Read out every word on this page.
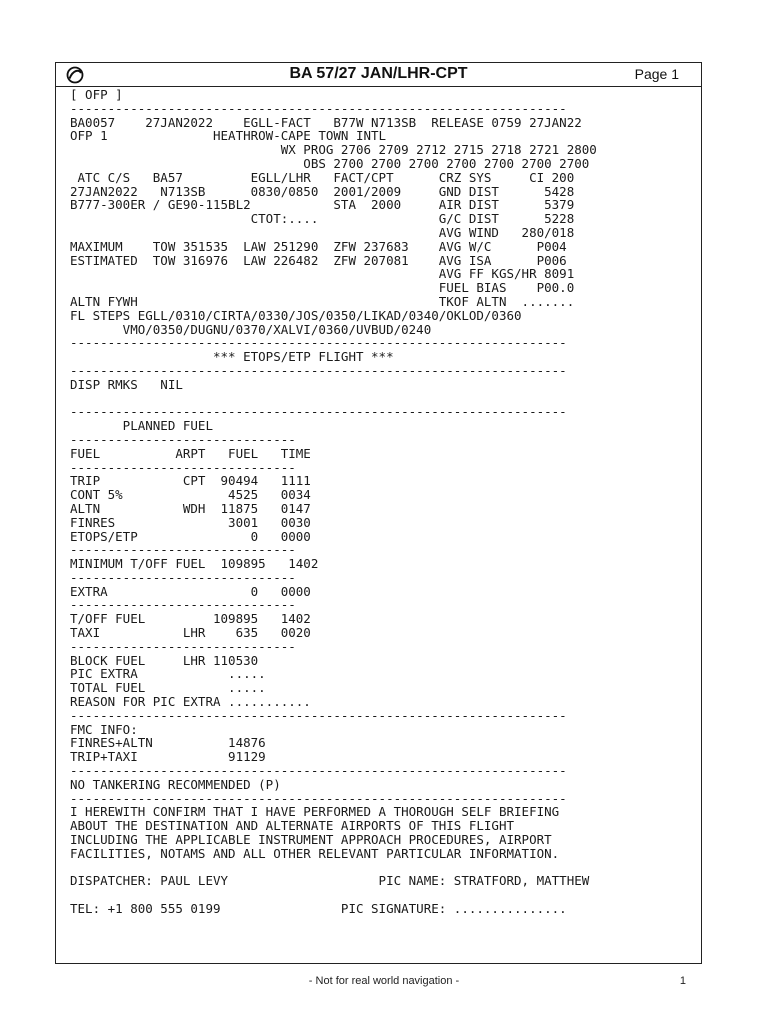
BA 57/27 JAN/LHR-CPT	Page 1
[ OFP ]
------------------------------------------------------------------
BA0057    27JAN2022    EGLL-FACT   B77W N713SB  RELEASE 0759 27JAN22
OFP 1              HEATHROW-CAPE TOWN INTL
WX PROG 2706 2709 2712 2715 2718 2721 2800
OBS 2700 2700 2700 2700 2700 2700 2700
ATC C/S   BA57         EGLL/LHR   FACT/CPT      CRZ SYS     CI 200
27JAN2022   N713SB      0830/0850  2001/2009     GND DIST      5428
B777-300ER / GE90-115BL2           STA  2000     AIR DIST      5379
CTOT:....                G/C DIST      5228
AVG WIND   280/018
MAXIMUM    TOW 351535  LAW 251290  ZFW 237683    AVG W/C      P004
ESTIMATED  TOW 316976  LAW 226482  ZFW 207081    AVG ISA      P006
AVG FF KGS/HR 8091
FUEL BIAS    P00.0
ALTN FYWH                                        TKOF ALTN  .......
FL STEPS EGLL/0310/CIRTA/0330/JOS/0350/LIKAD/0340/OKLOD/0360
VMO/0350/DUGNU/0370/XALVI/0360/UVBUD/0240
------------------------------------------------------------------
*** ETOPS/ETP FLIGHT ***
------------------------------------------------------------------
DISP RMKS   NIL

------------------------------------------------------------------
PLANNED FUEL
------------------------------
FUEL          ARPT   FUEL   TIME
------------------------------
TRIP           CPT  90494   1111
CONT 5%              4525   0034
ALTN           WDH  11875   0147
FINRES               3001   0030
ETOPS/ETP               0   0000
------------------------------
MINIMUM T/OFF FUEL  109895   1402
------------------------------
EXTRA                   0   0000
------------------------------
T/OFF FUEL         109895   1402
TAXI           LHR    635   0020
------------------------------
BLOCK FUEL     LHR 110530
PIC EXTRA            .....
TOTAL FUEL           .....
REASON FOR PIC EXTRA ...........
------------------------------------------------------------------
FMC INFO:
FINRES+ALTN          14876
TRIP+TAXI            91129
------------------------------------------------------------------
NO TANKERING RECOMMENDED (P)
------------------------------------------------------------------
I HEREWITH CONFIRM THAT I HAVE PERFORMED A THOROUGH SELF BRIEFING
ABOUT THE DESTINATION AND ALTERNATE AIRPORTS OF THIS FLIGHT
INCLUDING THE APPLICABLE INSTRUMENT APPROACH PROCEDURES, AIRPORT
FACILITIES, NOTAMS AND ALL OTHER RELEVANT PARTICULAR INFORMATION.

DISPATCHER: PAUL LEVY                    PIC NAME: STRATFORD, MATTHEW

TEL: +1 800 555 0199                PIC SIGNATURE: ...............

- Not for real world navigation -	1
